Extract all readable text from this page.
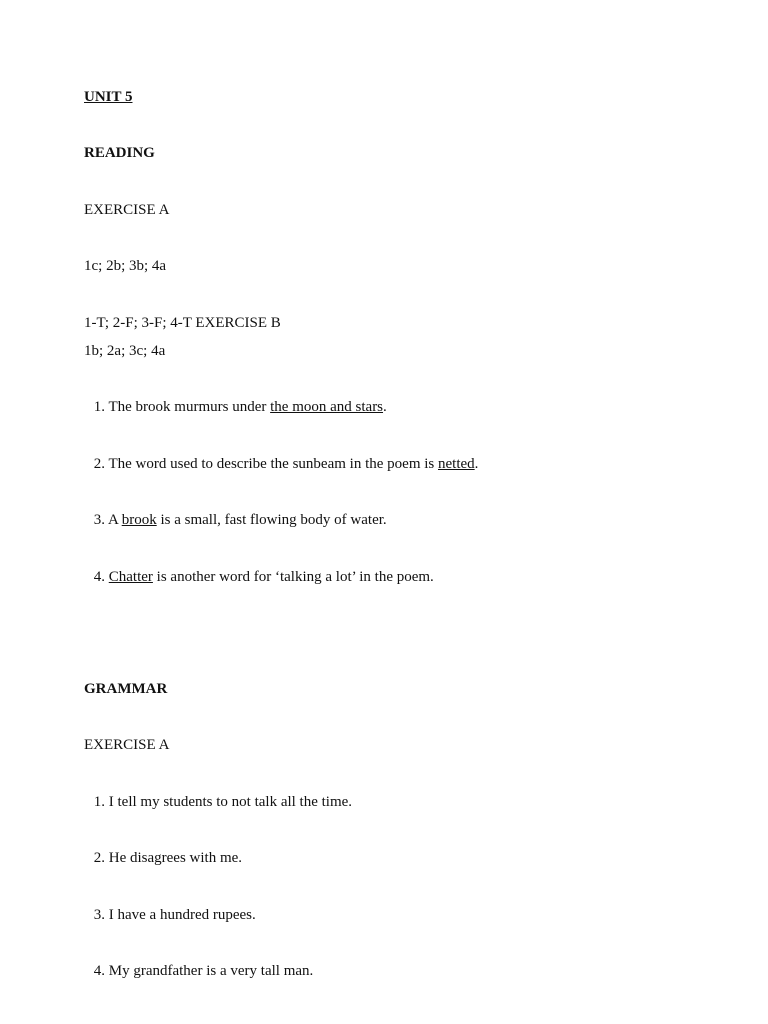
UNIT 5
READING
EXERCISE A
1c; 2b; 3b; 4a
1-T; 2-F; 3-F; 4-T EXERCISE B
1b; 2a; 3c; 4a
1. The brook murmurs under the moon and stars.
2. The word used to describe the sunbeam in the poem is netted.
3. A brook is a small, fast flowing body of water.
4. Chatter is another word for ‘talking a lot’ in the poem.
GRAMMAR
EXERCISE A
1. I tell my students to not talk all the time.
2. He disagrees with me.
3. I have a hundred rupees.
4. My grandfather is a very tall man.
